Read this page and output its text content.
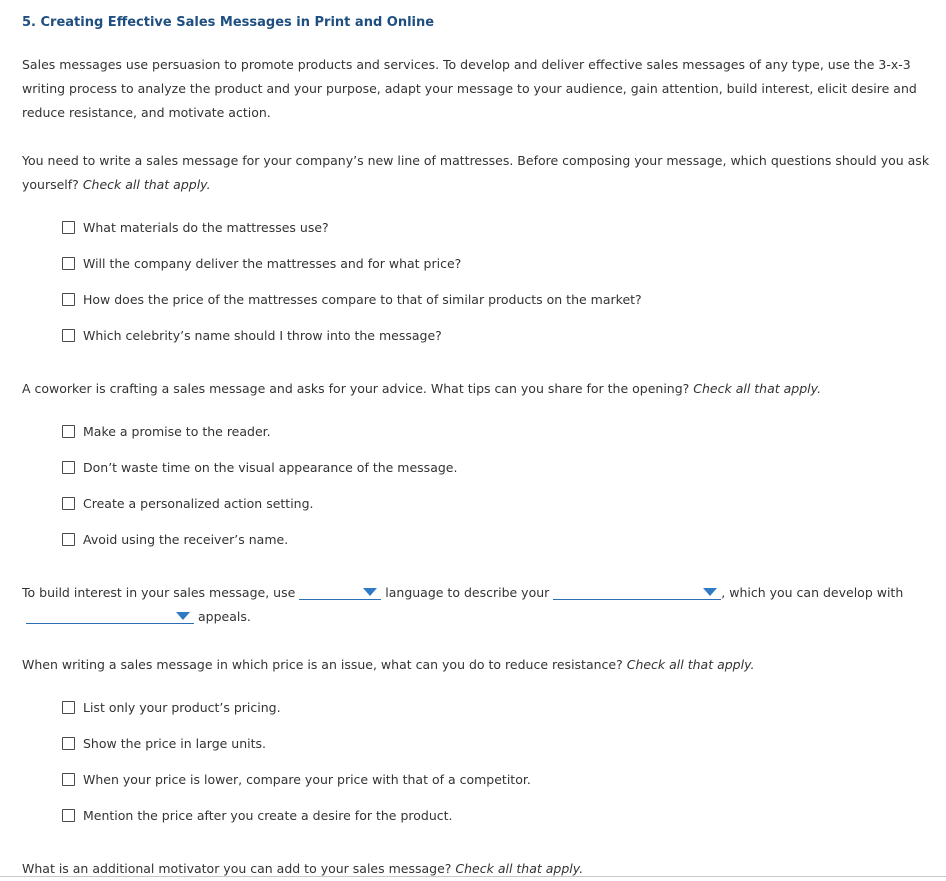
5. Creating Effective Sales Messages in Print and Online

Sales messages use persuasion to promote products and services. To develop and deliver effective sales messages of any type, use the 3-x-3 writing process to analyze the product and your purpose, adapt your message to your audience, gain attention, build interest, elicit desire and reduce resistance, and motivate action.

You need to write a sales message for your company’s new line of mattresses. Before composing your message, which questions should you ask yourself? Check all that apply.

What materials do the mattresses use?
Will the company deliver the mattresses and for what price?
How does the price of the mattresses compare to that of similar products on the market?
Which celebrity’s name should I throw into the message?

A coworker is crafting a sales message and asks for your advice. What tips can you share for the opening? Check all that apply.

Make a promise to the reader.
Don’t waste time on the visual appearance of the message.
Create a personalized action setting.
Avoid using the receiver’s name.

To build interest in your sales message, use	language to describe your	, which you can develop with

appeals.

When writing a sales message in which price is an issue, what can you do to reduce resistance? Check all that apply.

List only your product’s pricing.
Show the price in large units.
When your price is lower, compare your price with that of a competitor.
Mention the price after you create a desire for the product.

What is an additional motivator you can add to your sales message? Check all that apply.
